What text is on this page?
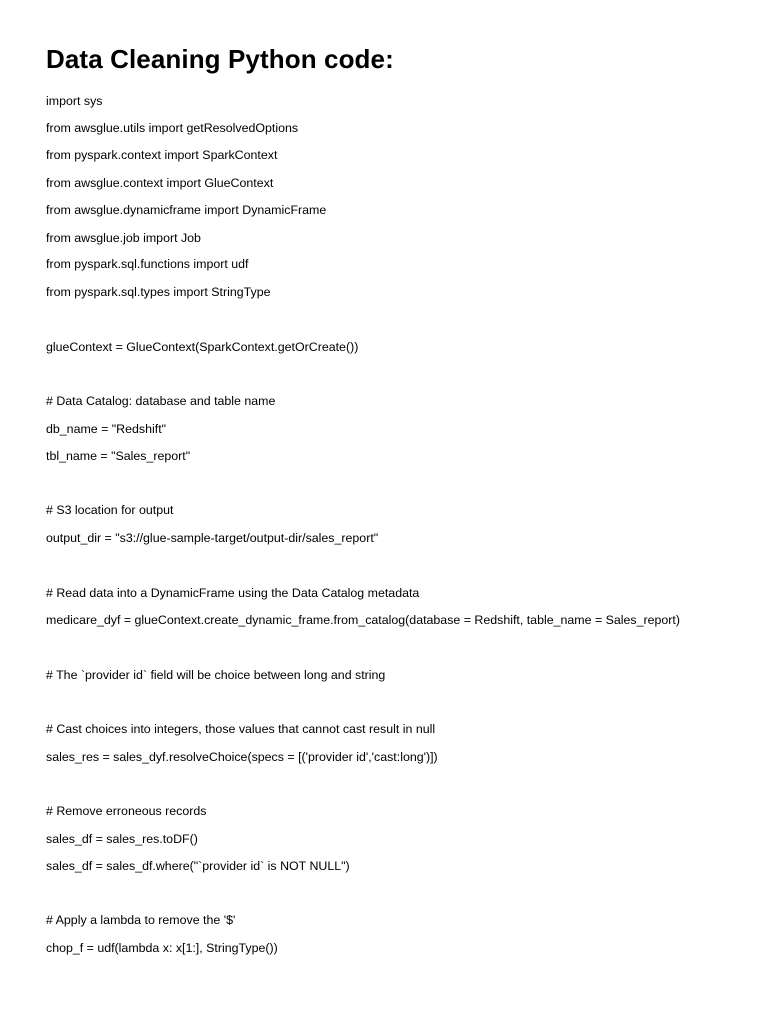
Data Cleaning Python code:

import sys

from awsglue.utils import getResolvedOptions

from pyspark.context import SparkContext

from awsglue.context import GlueContext

from awsglue.dynamicframe import DynamicFrame

from awsglue.job import Job

from pyspark.sql.functions import udf

from pyspark.sql.types import StringType

glueContext = GlueContext(SparkContext.getOrCreate())

# Data Catalog: database and table name

db_name = "Redshift"

tbl_name = "Sales_report"

# S3 location for output

output_dir = "s3://glue-sample-target/output-dir/sales_report"

# Read data into a DynamicFrame using the Data Catalog metadata

medicare_dyf = glueContext.create_dynamic_frame.from_catalog(database = Redshift, table_name = Sales_report)

# The `provider id` field will be choice between long and string

# Cast choices into integers, those values that cannot cast result in null

sales_res = sales_dyf.resolveChoice(specs = [('provider id','cast:long')])

# Remove erroneous records

sales_df = sales_res.toDF()

sales_df = sales_df.where("`provider id` is NOT NULL")

# Apply a lambda to remove the '$'

chop_f = udf(lambda x: x[1:], StringType())
